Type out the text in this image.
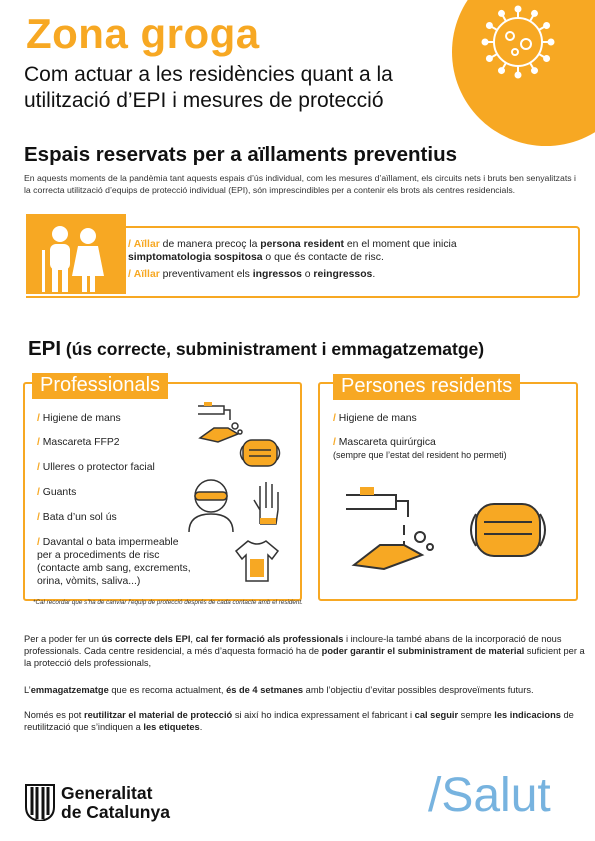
Zona groga
Com actuar a les residències quant a la utilització d’EPI i mesures de protecció
Espais reservats per a aïllaments preventius
En aquests moments de la pandèmia tant aquests espais d’ús individual, com les mesures d’aïllament, els circuits nets i bruts ben senyalitzats i la correcta utilització d’equips de protecció individual (EPI), són imprescindibles per a contenir els brots als centres residencials.
/ Aïllar de manera precoç la persona resident en el moment que inicia
simptomatologia sospitosa o que és contacte de risc.
/ Aïllar preventivament els ingressos o reingressos.
EPI (ús correcte, subministrament i emmagatzematge)
Professionals
/ Higiene de mans
/ Mascareta FFP2
/ Ulleres o protector facial
/ Guants
/ Bata d’un sol ús
/ Davantal o bata impermeable
per a procediments de risc
(contacte amb sang, excrements,
orina, vòmits, saliva...)
Persones residents
/ Higiene de mans
/ Mascareta quirúrgica
(sempre que l’estat del resident ho permeti)
*Cal recordar que s’ha de canviar l’equip de protecció després de cada contacte amb el resident.
Per a poder fer un ús correcte dels EPI, cal fer formació als professionals i incloure-la també abans de la incorporació de nous professionals. Cada centre residencial, a més d’aquesta formació ha de poder garantir el subministrament de material suficient per a la protecció dels professionals,
L’emmagatzematge que es recoma actualment, és de 4 setmanes amb l’objectiu d’evitar possibles desproveïments futurs.
Només es pot reutilitzar el material de protecció si així ho indica expressament el fabricant i cal seguir sempre les indicacions de reutilització que s’indiquen a les etiquetes.
Generalitat
de Catalunya	/Salut
